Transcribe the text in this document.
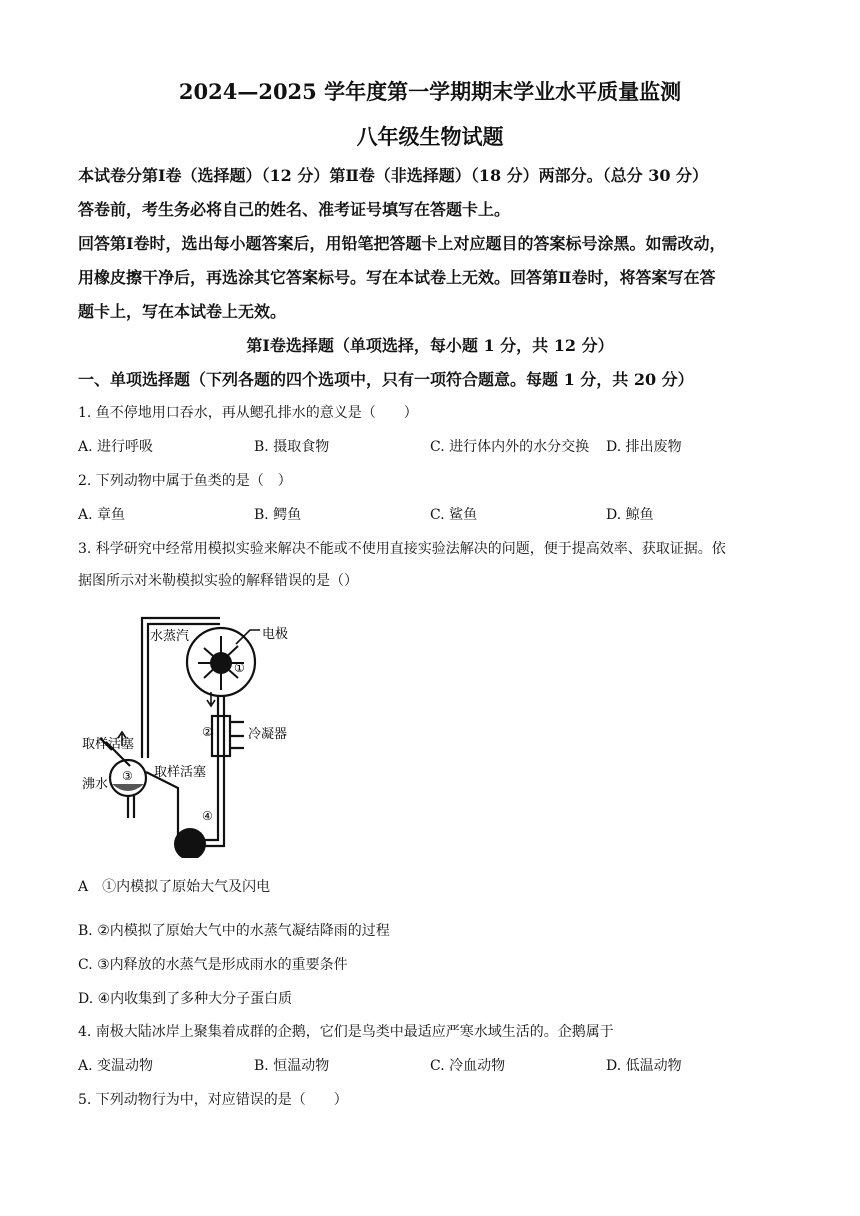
2024—2025 学年度第一学期期末学业水平质量监测
八年级生物试题
本试卷分第Ⅰ卷（选择题）（12 分）第Ⅱ卷（非选择题）（18 分）两部分。（总分 30 分）
答卷前，考生务必将自己的姓名、准考证号填写在答题卡上。
回答第Ⅰ卷时，选出每小题答案后，用铅笔把答题卡上对应题目的答案标号涂黑。如需改动，
用橡皮擦干净后，再选涂其它答案标号。写在本试卷上无效。回答第Ⅱ卷时，将答案写在答
题卡上，写在本试卷上无效。
第Ⅰ卷选择题（单项选择，每小题 1 分，共 12 分）
一、单项选择题（下列各题的四个选项中，只有一项符合题意。每题 1 分，共 20 分）
1. 鱼不停地用口吞水，再从鳃孔排水的意义是（　　）
A. 进行呼吸	B. 摄取食物	C. 进行体内外的水分交换 D. 排出废物
2. 下列动物中属于鱼类的是（　）
A. 章鱼	B. 鳄鱼	C. 鲨鱼	D. 鲸鱼
3. 科学研究中经常用模拟实验来解决不能或不使用直接实验法解决的问题，便于提高效率、获取证据。依
据图所示对米勒模拟实验的解释错误的是（）
水蒸汽	电极
冷凝器
取样活塞
取样活塞
沸水
①
②
③
④
A　①内模拟了原始大气及闪电
B. ②内模拟了原始大气中的水蒸气凝结降雨的过程
C. ③内释放的水蒸气是形成雨水的重要条件
D. ④内收集到了多种大分子蛋白质
4. 南极大陆冰岸上聚集着成群的企鹅，它们是鸟类中最适应严寒水域生活的。企鹅属于
A. 变温动物	B. 恒温动物	C. 冷血动物	D. 低温动物
5. 下列动物行为中，对应错误的是（　　）
